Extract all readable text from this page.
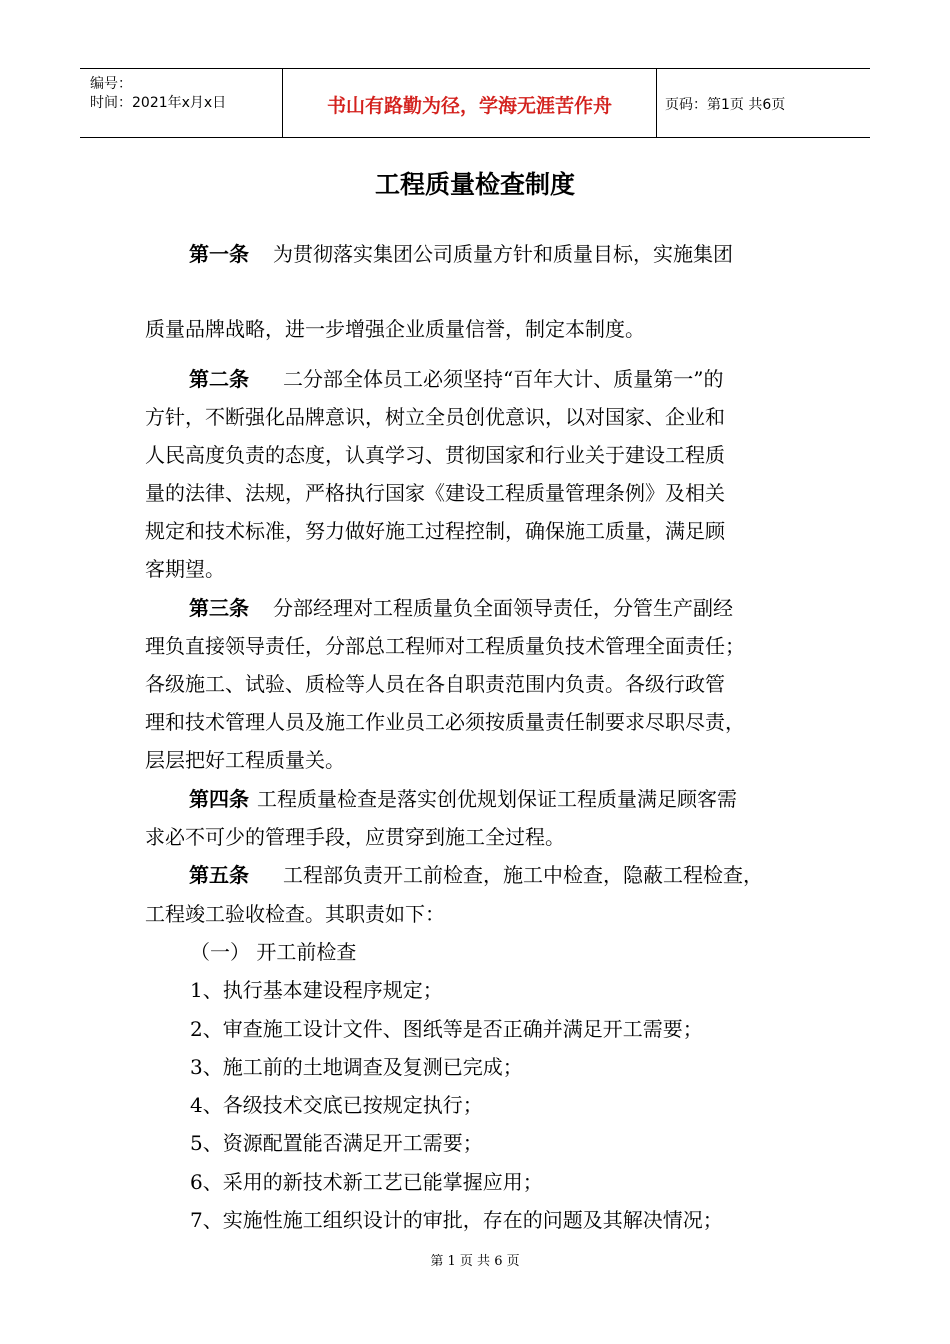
编号：
时间：2021年x月x日	书山有路勤为径，学海无涯苦作舟	页码：第1页 共6页
工程质量检查制度
第一条 为贯彻落实集团公司质量方针和质量目标，实施集团
质量品牌战略，进一步增强企业质量信誉，制定本制度。
第二条 二分部全体员工必须坚持“百年大计、质量第一”的
方针，不断强化品牌意识，树立全员创优意识，以对国家、企业和
人民高度负责的态度，认真学习、贯彻国家和行业关于建设工程质
量的法律、法规，严格执行国家《建设工程质量管理条例》及相关
规定和技术标准，努力做好施工过程控制，确保施工质量，满足顾
客期望。
第三条 分部经理对工程质量负全面领导责任，分管生产副经
理负直接领导责任，分部总工程师对工程质量负技术管理全面责任；
各级施工、试验、质检等人员在各自职责范围内负责。各级行政管
理和技术管理人员及施工作业员工必须按质量责任制要求尽职尽责，
层层把好工程质量关。
第四条 工程质量检查是落实创优规划保证工程质量满足顾客需
求必不可少的管理手段，应贯穿到施工全过程。
第五条 工程部负责开工前检查，施工中检查，隐蔽工程检查，
工程竣工验收检查。其职责如下：
（一） 开工前检查
1、执行基本建设程序规定；
2、审查施工设计文件、图纸等是否正确并满足开工需要；
3、施工前的土地调查及复测已完成；
4、各级技术交底已按规定执行；
5、资源配置能否满足开工需要；
6、采用的新技术新工艺已能掌握应用；
7、实施性施工组织设计的审批，存在的问题及其解决情况；
第 1 页 共 6 页
